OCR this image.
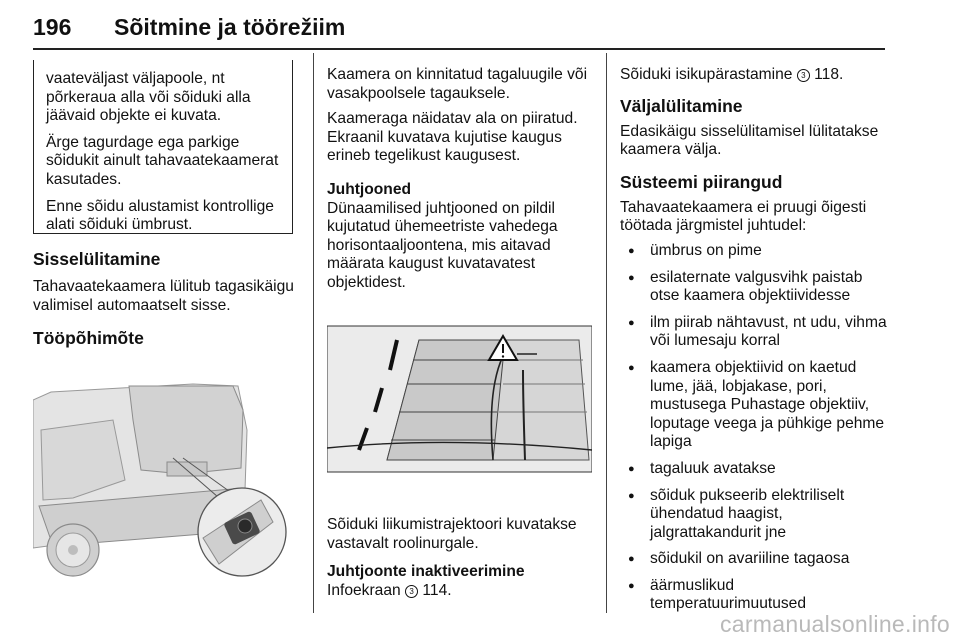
196 Sõitmine ja töörežiim

vaateväljast väljapoole, nt põrkeraua alla või sõiduki alla jäävaid objekte ei kuvata.

Ärge tagurdage ega parkige sõidukit ainult tahavaatekaamerat kasutades.

Enne sõidu alustamist kontrollige alati sõiduki ümbrust.

Sisselülitamine

Tahavaatekaamera lülitub tagasikäigu valimisel automaatselt sisse.

Tööpõhimõte

Kaamera on kinnitatud tagaluugile või vasakpoolsele tagauksele.

Kaameraga näidatav ala on piiratud. Ekraanil kuvatava kujutise kaugus erineb tegelikust kaugusest.

Juhtjooned

Dünaamilised juhtjooned on pildil kujutatud ühemeetriste vahedega horisontaaljoontena, mis aitavad määrata kaugust kuvatavatest objektidest.

Sõiduki liikumistrajektoori kuvatakse vastavalt roolinurgale.

Juhtjoonte inaktiveerimine

Infoekraan 3 114.

Sõiduki isikupärastamine 3 118.

Väljalülitamine

Edasikäigu sisselülitamisel lülitatakse kaamera välja.

Süsteemi piirangud

Tahavaatekaamera ei pruugi õigesti töötada järgmistel juhtudel:

● ümbrus on pime
● esilaternate valgusvihk paistab otse kaamera objektiividesse
● ilm piirab nähtavust, nt udu, vihma või lumesaju korral
● kaamera objektiivid on kaetud lume, jää, lobjakase, pori, mustusega Puhastage objektiiv, loputage veega ja pühkige pehme lapiga
● tagaluuk avatakse
● sõiduk pukseerib elektriliselt ühendatud haagist, jalgrattakandurit jne
● sõidukil on avariiline tagaosa
● äärmuslikud temperatuurimuutused
carmanualsonline.info
